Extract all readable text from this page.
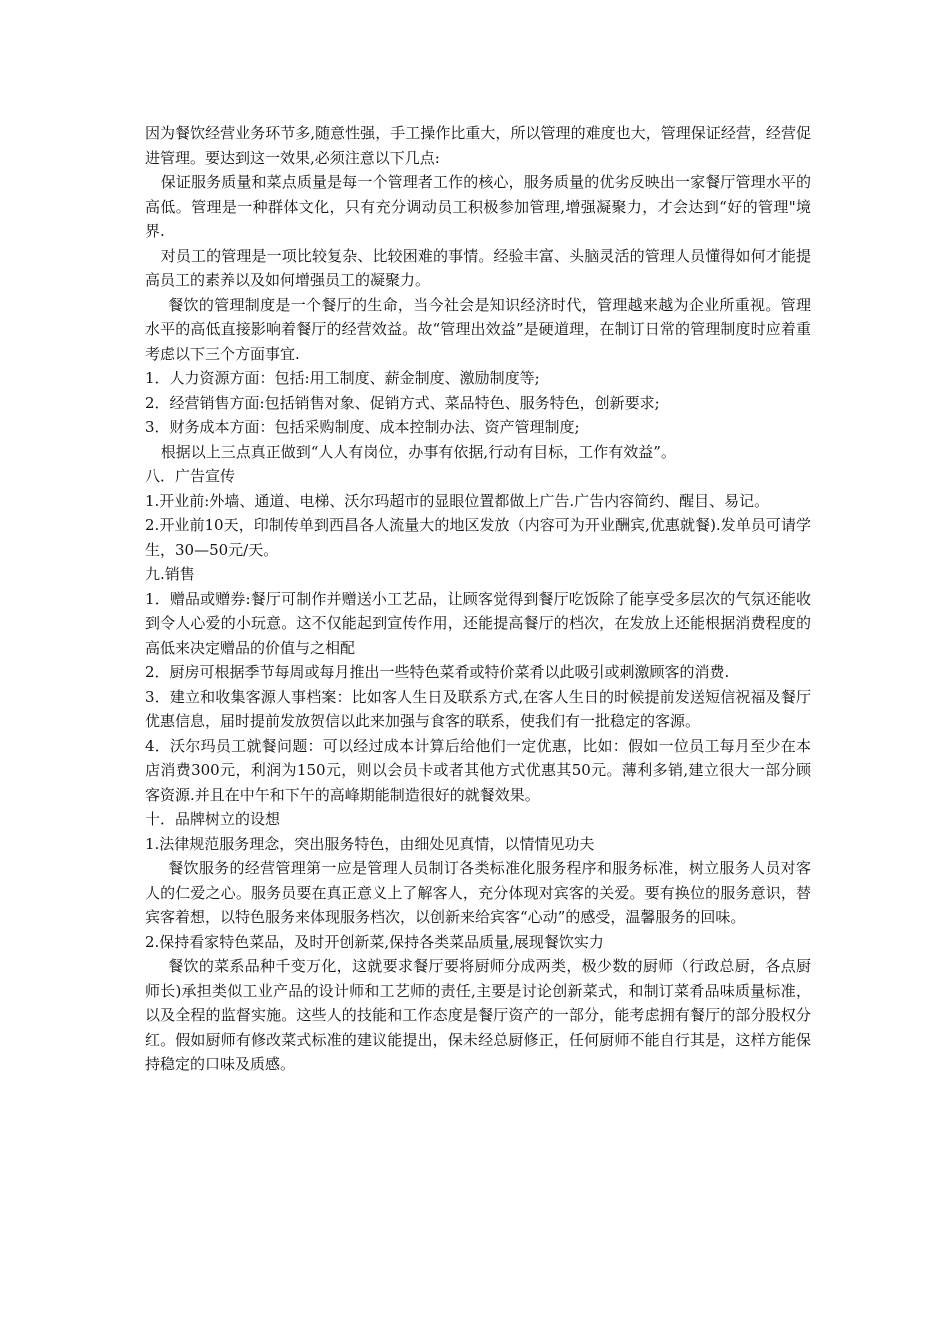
因为餐饮经营业务环节多,随意性强，手工操作比重大，所以管理的难度也大，管理保证经营，经营促进管理。要达到这一效果,必须注意以下几点:

保证服务质量和菜点质量是每一个管理者工作的核心，服务质量的优劣反映出一家餐厅管理水平的高低。管理是一种群体文化，只有充分调动员工积极参加管理,增强凝聚力，才会达到“好的管理"境界.

对员工的管理是一项比较复杂、比较困难的事情。经验丰富、头脑灵活的管理人员懂得如何才能提高员工的素养以及如何增强员工的凝聚力。

餐饮的管理制度是一个餐厅的生命，当今社会是知识经济时代，管理越来越为企业所重视。管理水平的高低直接影响着餐厅的经营效益。故“管理出效益”是硬道理，在制订日常的管理制度时应着重考虑以下三个方面事宜.

1．人力资源方面：包括:用工制度、薪金制度、激励制度等;

2．经营销售方面:包括销售对象、促销方式、菜品特色、服务特色，创新要求;

3．财务成本方面：包括采购制度、成本控制办法、资产管理制度;

根据以上三点真正做到“人人有岗位，办事有依据,行动有目标，工作有效益”。

八．广告宣传

1.开业前:外墙、通道、电梯、沃尔玛超市的显眼位置都做上广告.广告内容简约、醒目、易记。

2.开业前10天，印制传单到西昌各人流量大的地区发放（内容可为开业酬宾,优惠就餐).发单员可请学生，30—50元/天。

九.销售

1．赠品或赠券:餐厅可制作并赠送小工艺品，让顾客觉得到餐厅吃饭除了能享受多层次的气氛还能收到令人心爱的小玩意。这不仅能起到宣传作用，还能提高餐厅的档次，在发放上还能根据消费程度的高低来决定赠品的价值与之相配

2．厨房可根据季节每周或每月推出一些特色菜肴或特价菜肴以此吸引或刺激顾客的消费.

3．建立和收集客源人事档案：比如客人生日及联系方式,在客人生日的时候提前发送短信祝福及餐厅优惠信息，届时提前发放贺信以此来加强与食客的联系，使我们有一批稳定的客源。

4．沃尔玛员工就餐问题：可以经过成本计算后给他们一定优惠，比如：假如一位员工每月至少在本店消费300元，利润为150元，则以会员卡或者其他方式优惠其50元。薄利多销,建立很大一部分顾客资源.并且在中午和下午的高峰期能制造很好的就餐效果。

十．品牌树立的设想

1.法律规范服务理念，突出服务特色，由细处见真情，以情情见功夫

餐饮服务的经营管理第一应是管理人员制订各类标准化服务程序和服务标准，树立服务人员对客人的仁爱之心。服务员要在真正意义上了解客人，充分体现对宾客的关爱。要有换位的服务意识，替宾客着想，以特色服务来体现服务档次，以创新来给宾客“心动”的感受，温馨服务的回味。

2.保持看家特色菜品，及时开创新菜,保持各类菜品质量,展现餐饮实力

餐饮的菜系品种千变万化，这就要求餐厅要将厨师分成两类，极少数的厨师（行政总厨，各点厨师长)承担类似工业产品的设计师和工艺师的责任,主要是讨论创新菜式，和制订菜肴品味质量标准，以及全程的监督实施。这些人的技能和工作态度是餐厅资产的一部分，能考虑拥有餐厅的部分股权分红。假如厨师有修改菜式标准的建议能提出，保未经总厨修正，任何厨师不能自行其是，这样方能保持稳定的口味及质感。
